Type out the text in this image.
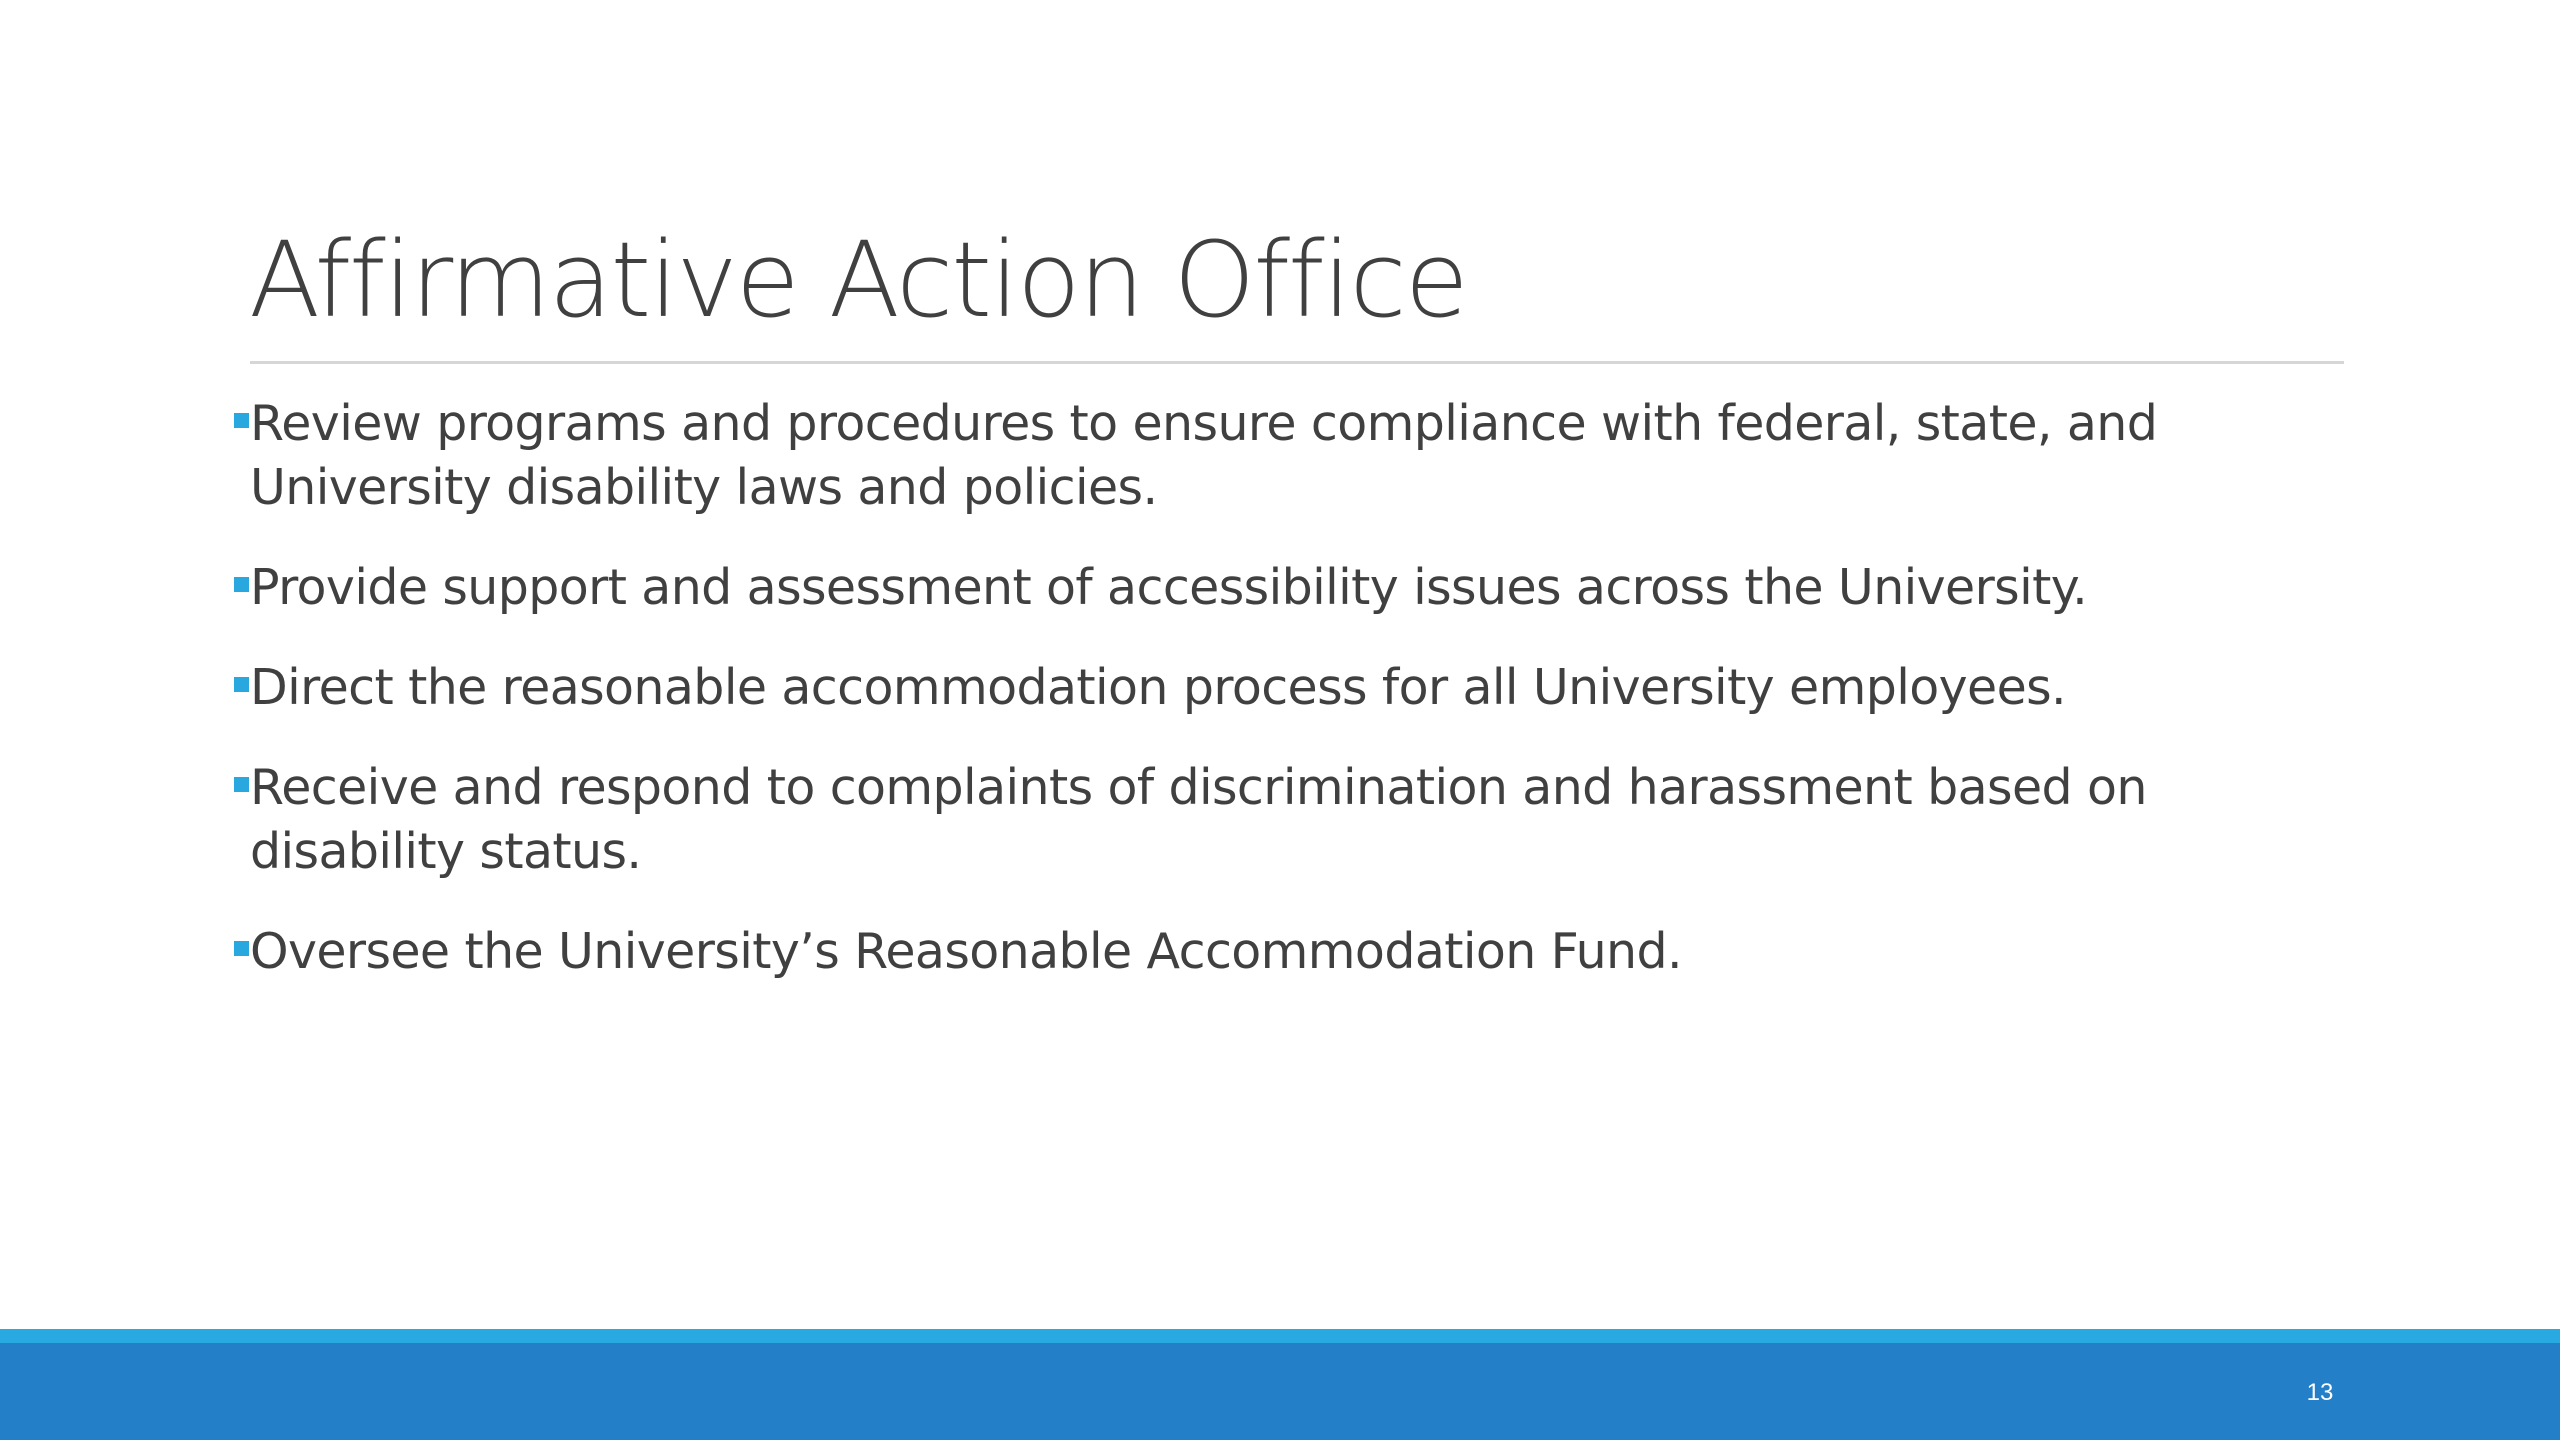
Affirmative Action Office
Review programs and procedures to ensure compliance with federal, state, and University disability laws and policies.
Provide support and assessment of accessibility issues across the University.
Direct the reasonable accommodation process for all University employees.
Receive and respond to complaints of discrimination and harassment based on disability status.
Oversee the University’s Reasonable Accommodation Fund.
13
